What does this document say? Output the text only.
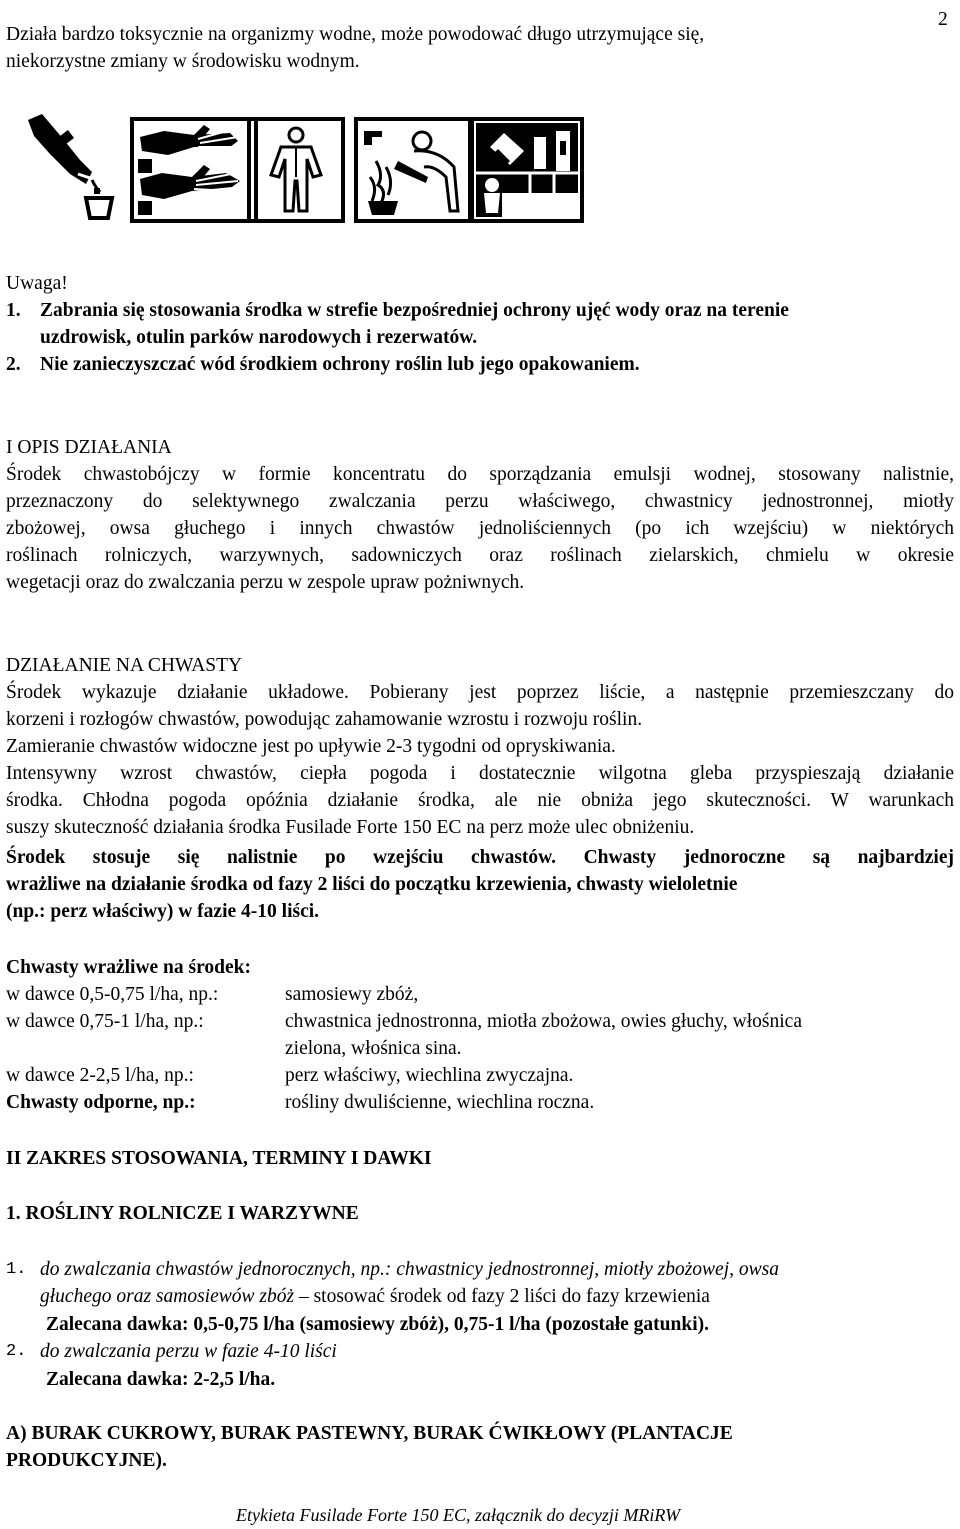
2
Działa bardzo toksycznie na organizmy wodne, może powodować długo utrzymujące się,
niekorzystne zmiany w środowisku wodnym.
Uwaga!
1. Zabrania się stosowania środka w strefie bezpośredniej ochrony ujęć wody oraz na terenie
uzdrowisk, otulin parków narodowych i rezerwatów.
2. Nie zanieczyszczać wód środkiem ochrony roślin lub jego opakowaniem.
I OPIS DZIAŁANIA
Środek chwastobójczy w formie koncentratu do sporządzania emulsji wodnej, stosowany nalistnie,
przeznaczony do selektywnego zwalczania perzu właściwego, chwastnicy jednostronnej, miotły
zbożowej, owsa głuchego i innych chwastów jednoliściennych (po ich wzejściu) w niektórych
roślinach rolniczych, warzywnych, sadowniczych oraz roślinach zielarskich, chmielu w okresie
wegetacji oraz do zwalczania perzu w zespole upraw pożniwnych.
DZIAŁANIE NA CHWASTY
Środek wykazuje działanie układowe. Pobierany jest poprzez liście, a następnie przemieszczany do
korzeni i rozłogów chwastów, powodując zahamowanie wzrostu i rozwoju roślin.
Zamieranie chwastów widoczne jest po upływie 2-3 tygodni od opryskiwania.
Intensywny wzrost chwastów, ciepła pogoda i dostatecznie wilgotna gleba przyspieszają działanie
środka. Chłodna pogoda opóźnia działanie środka, ale nie obniża jego skuteczności. W warunkach
suszy skuteczność działania środka Fusilade Forte 150 EC na perz może ulec obniżeniu.
Środek stosuje się nalistnie po wzejściu chwastów. Chwasty jednoroczne są najbardziej
wrażliwe na działanie środka od fazy 2 liści do początku krzewienia, chwasty wieloletnie
(np.: perz właściwy) w fazie 4-10 liści.
Chwasty wrażliwe na środek:
w dawce 0,5-0,75 l/ha, np.:	samosiewy zbóż,
w dawce 0,75-1 l/ha, np.:	chwastnica jednostronna, miotła zbożowa, owies głuchy, włośnica
zielona, włośnica sina.
w dawce 2-2,5 l/ha, np.:	perz właściwy, wiechlina zwyczajna.
Chwasty odporne, np.:	rośliny dwuliścienne, wiechlina roczna.
II ZAKRES STOSOWANIA, TERMINY I DAWKI
1. ROŚLINY ROLNICZE I WARZYWNE
1. do zwalczania chwastów jednorocznych, np.: chwastnicy jednostronnej, miotły zbożowej, owsa
głuchego oraz samosiewów zbóż – stosować środek od fazy 2 liści do fazy krzewienia
Zalecana dawka: 0,5-0,75 l/ha (samosiewy zbóż), 0,75-1 l/ha (pozostałe gatunki).
2. do zwalczania perzu w fazie 4-10 liści
Zalecana dawka: 2-2,5 l/ha.
A) BURAK CUKROWY, BURAK PASTEWNY, BURAK ĆWIKŁOWY (PLANTACJE
PRODUKCYJNE).
Etykieta Fusilade Forte 150 EC, załącznik do decyzji MRiRW
